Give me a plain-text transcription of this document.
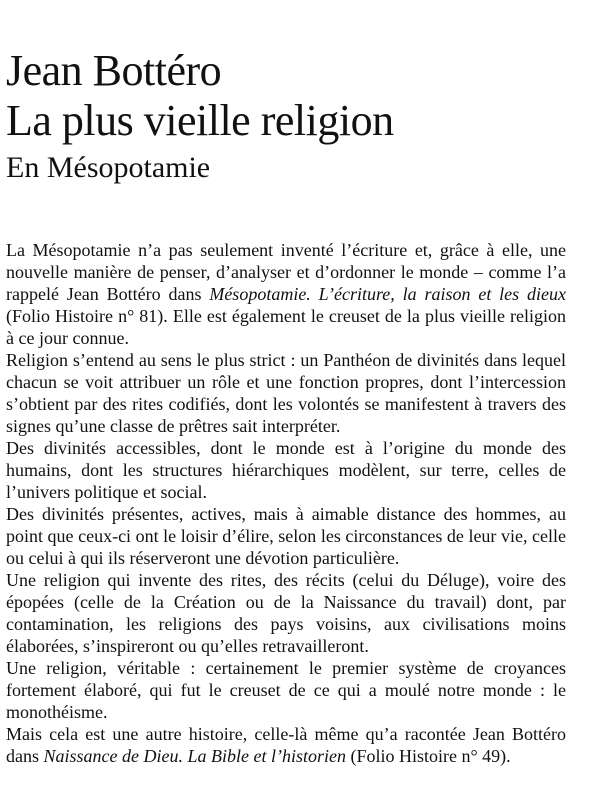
Jean Bottéro
La plus vieille religion
En Mésopotamie

La Mésopotamie n’a pas seulement inventé l’écriture et, grâce à elle, une nouvelle manière de penser, d’analyser et d’ordonner le monde – comme l’a rappelé Jean Bottéro dans Mésopotamie. L’écriture, la raison et les dieux (Folio Histoire n° 81). Elle est également le creuset de la plus vieille religion à ce jour connue.

Religion s’entend au sens le plus strict : un Panthéon de divinités dans lequel chacun se voit attribuer un rôle et une fonction propres, dont l’intercession s’obtient par des rites codifiés, dont les volontés se manifestent à travers des signes qu’une classe de prêtres sait interpréter.

Des divinités accessibles, dont le monde est à l’origine du monde des humains, dont les structures hiérarchiques modèlent, sur terre, celles de l’univers politique et social.

Des divinités présentes, actives, mais à aimable distance des hommes, au point que ceux-ci ont le loisir d’élire, selon les circonstances de leur vie, celle ou celui à qui ils réserveront une dévotion particulière.

Une religion qui invente des rites, des récits (celui du Déluge), voire des épopées (celle de la Création ou de la Naissance du travail) dont, par contamination, les religions des pays voisins, aux civilisations moins élaborées, s’inspireront ou qu’elles retravailleront.

Une religion, véritable : certainement le premier système de croyances fortement élaboré, qui fut le creuset de ce qui a moulé notre monde : le monothéisme.

Mais cela est une autre histoire, celle-là même qu’a racontée Jean Bottéro dans Naissance de Dieu. La Bible et l’historien (Folio Histoire n° 49).
